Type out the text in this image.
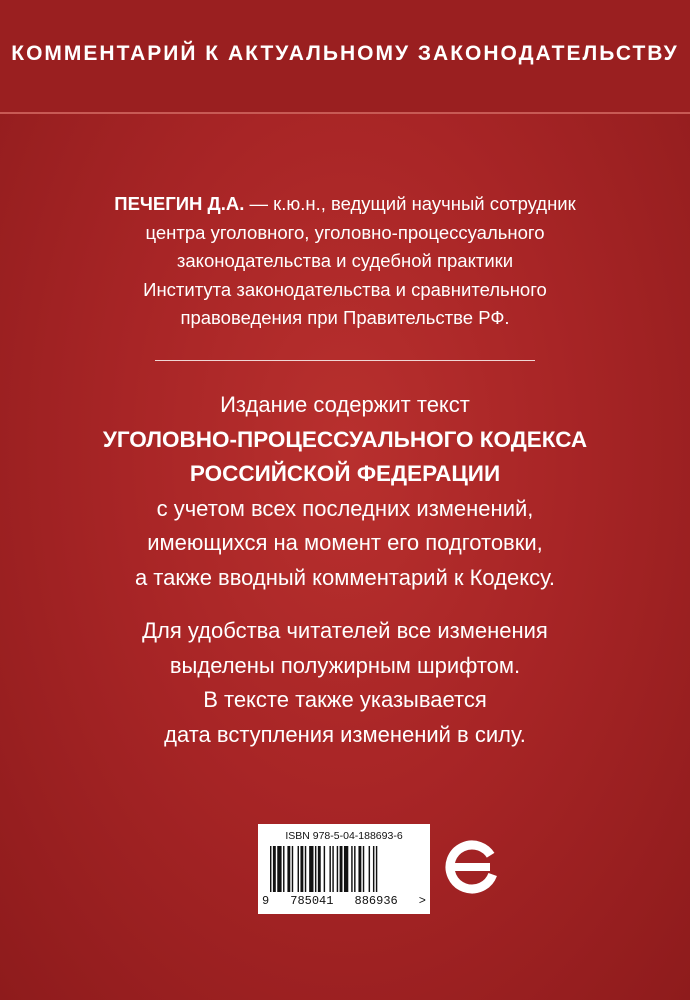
КОММЕНТАРИЙ К АКТУАЛЬНОМУ ЗАКОНОДАТЕЛЬСТВУ
ПЕЧЕГИН Д.А. — к.ю.н., ведущий научный сотрудник
центра уголовного, уголовно-процессуального
законодательства и судебной практики
Института законодательства и сравнительного
правоведения при Правительстве РФ.
Издание содержит текст
УГОЛОВНО-ПРОЦЕССУАЛЬНОГО КОДЕКСА
РОССИЙСКОЙ ФЕДЕРАЦИИ
с учетом всех последних изменений,
имеющихся на момент его подготовки,
а также вводный комментарий к Кодексу.
Для удобства читателей все изменения
выделены полужирным шрифтом.
В тексте также указывается
дата вступления изменений в силу.
ISBN 978-5-04-188693-6
9 785041 886936 >
